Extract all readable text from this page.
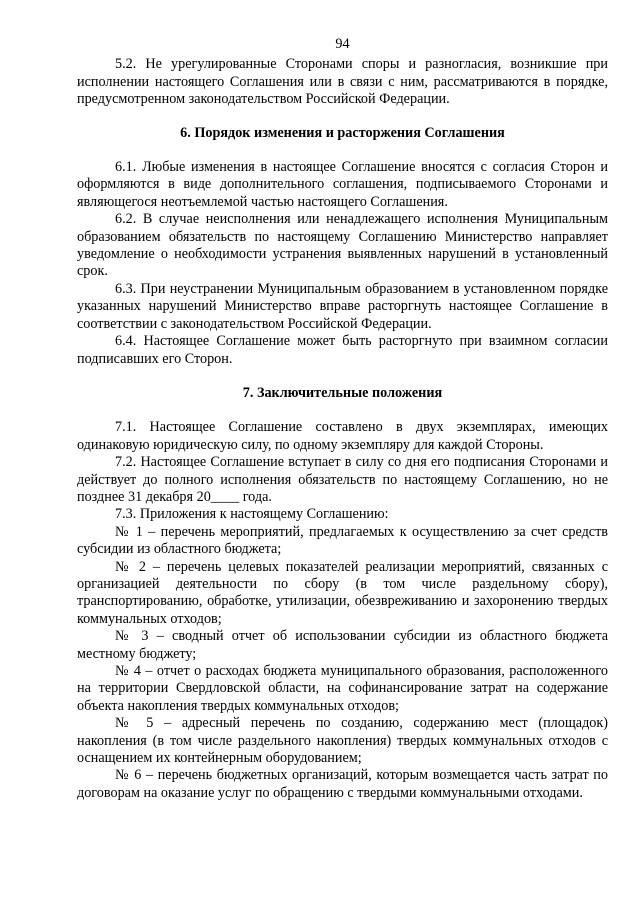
94

5.2. Не урегулированные Сторонами споры и разногласия, возникшие при исполнении настоящего Соглашения или в связи с ним, рассматриваются в порядке, предусмотренном законодательством Российской Федерации.

6. Порядок изменения и расторжения Соглашения

6.1. Любые изменения в настоящее Соглашение вносятся с согласия Сторон и оформляются в виде дополнительного соглашения, подписываемого Сторонами и являющегося неотъемлемой частью настоящего Соглашения.

6.2. В случае неисполнения или ненадлежащего исполнения Муниципальным образованием обязательств по настоящему Соглашению Министерство направляет уведомление о необходимости устранения выявленных нарушений в установленный срок.

6.3. При неустранении Муниципальным образованием в установленном порядке указанных нарушений Министерство вправе расторгнуть настоящее Соглашение в соответствии с законодательством Российской Федерации.

6.4. Настоящее Соглашение может быть расторгнуто при взаимном согласии подписавших его Сторон.

7. Заключительные положения

7.1. Настоящее Соглашение составлено в двух экземплярах, имеющих одинаковую юридическую силу, по одному экземпляру для каждой Стороны.

7.2. Настоящее Соглашение вступает в силу со дня его подписания Сторонами и действует до полного исполнения обязательств по настоящему Соглашению, но не позднее 31 декабря 20____ года.

7.3. Приложения к настоящему Соглашению:

№ 1 – перечень мероприятий, предлагаемых к осуществлению за счет средств субсидии из областного бюджета;

№ 2 – перечень целевых показателей реализации мероприятий, связанных с организацией деятельности по сбору (в том числе раздельному сбору), транспортированию, обработке, утилизации, обезвреживанию и захоронению твердых коммунальных отходов;

№ 3 – сводный отчет об использовании субсидии из областного бюджета местному бюджету;

№ 4 – отчет о расходах бюджета муниципального образования, расположенного на территории Свердловской области, на софинансирование затрат на содержание объекта накопления твердых коммунальных отходов;

№ 5 – адресный перечень по созданию, содержанию мест (площадок) накопления (в том числе раздельного накопления) твердых коммунальных отходов с оснащением их контейнерным оборудованием;

№ 6 – перечень бюджетных организаций, которым возмещается часть затрат по договорам на оказание услуг по обращению с твердыми коммунальными отходами.
